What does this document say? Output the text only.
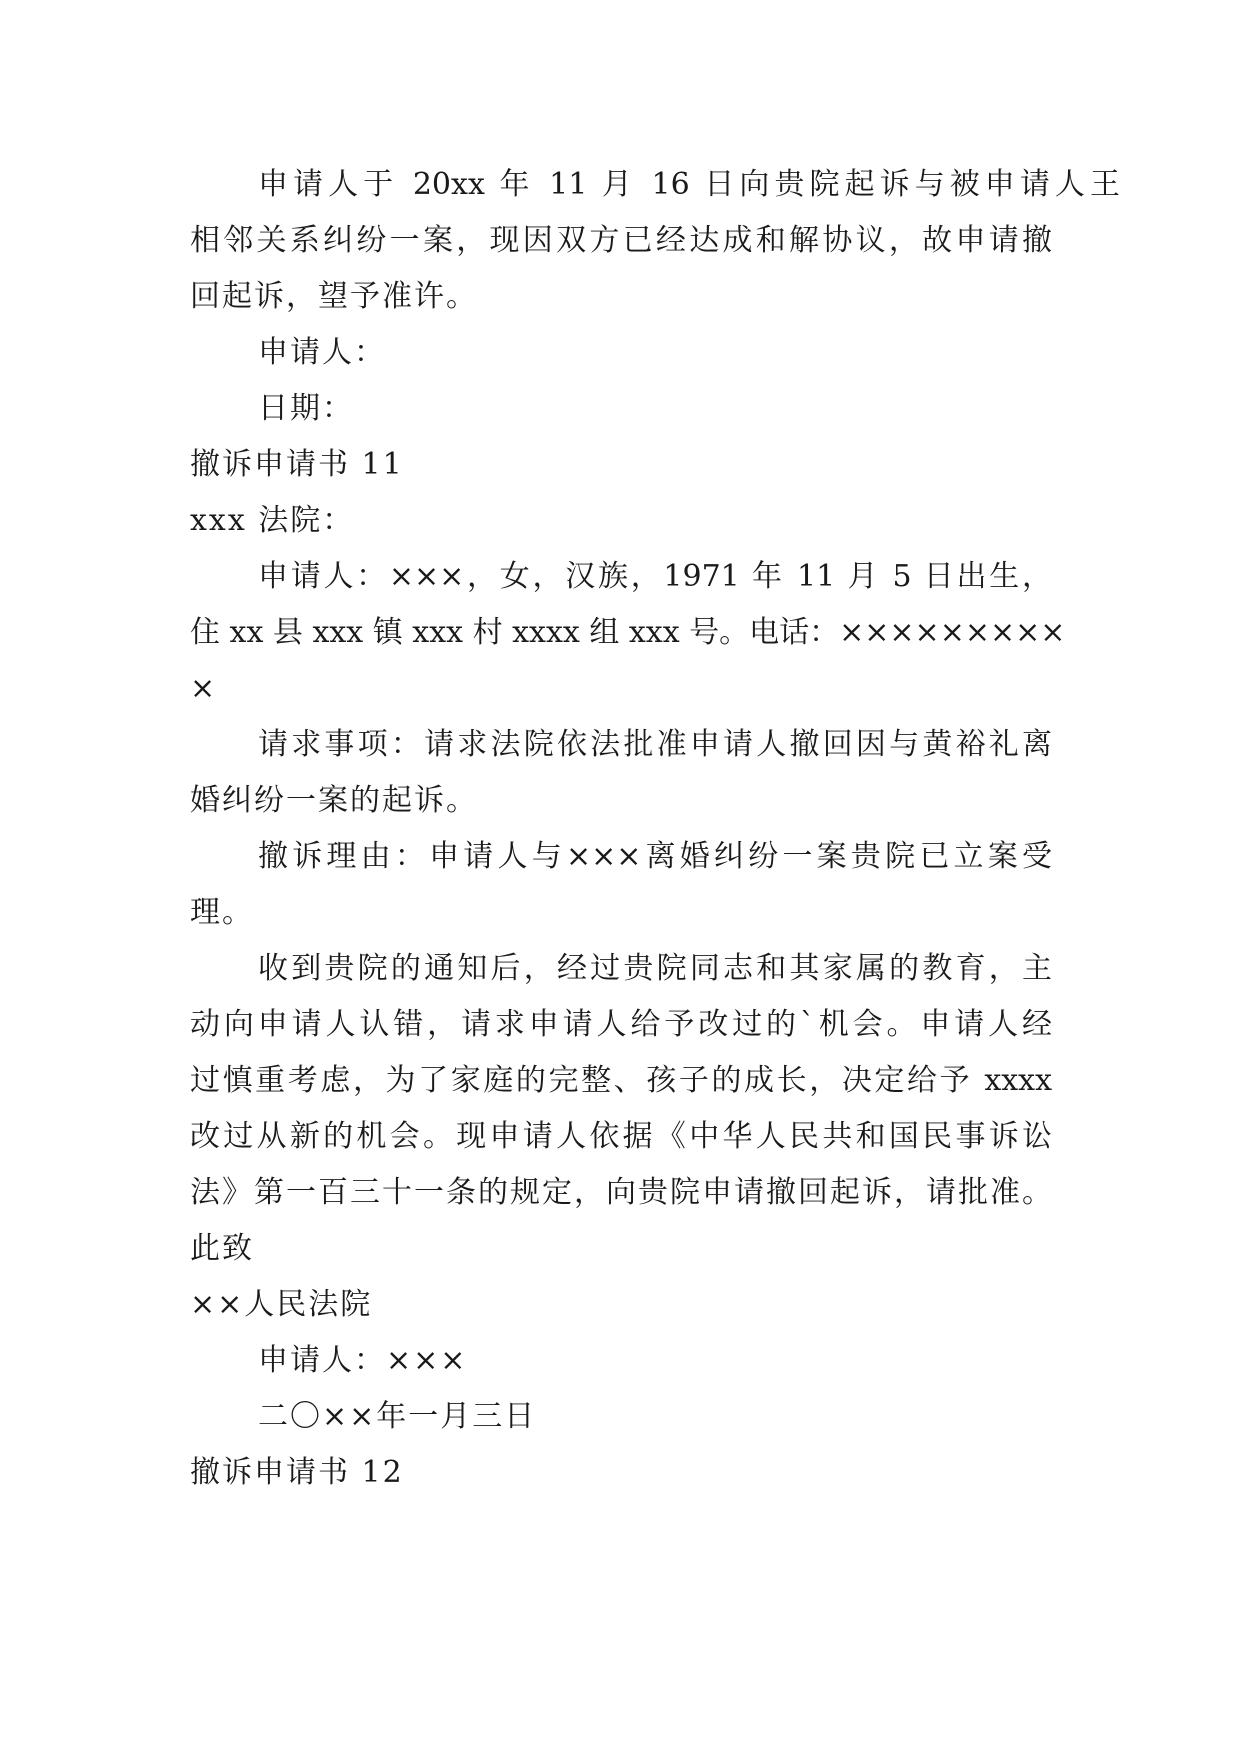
申请人于 20xx 年 11 月 16 日向贵院起诉与被申请人王
相邻关系纠纷一案，现因双方已经达成和解协议，故申请撤
回起诉，望予准许。
申请人：
日期：
撤诉申请书 11
xxx 法院：
申请人：×××，女，汉族，1971 年 11 月 5 日出生，
住 xx 县 xxx 镇 xxx 村 xxxx 组 xxx 号。电话：×××××××××
×
请求事项：请求法院依法批准申请人撤回因与黄裕礼离
婚纠纷一案的起诉。
撤诉理由：申请人与×××离婚纠纷一案贵院已立案受
理。
收到贵院的通知后，经过贵院同志和其家属的教育，主
动向申请人认错，请求申请人给予改过的`机会。申请人经
过慎重考虑，为了家庭的完整、孩子的成长，决定给予 xxxx
改过从新的机会。现申请人依据《中华人民共和国民事诉讼
法》第一百三十一条的规定，向贵院申请撤回起诉，请批准。
此致
××人民法院
申请人：×××
二〇××年一月三日
撤诉申请书 12
